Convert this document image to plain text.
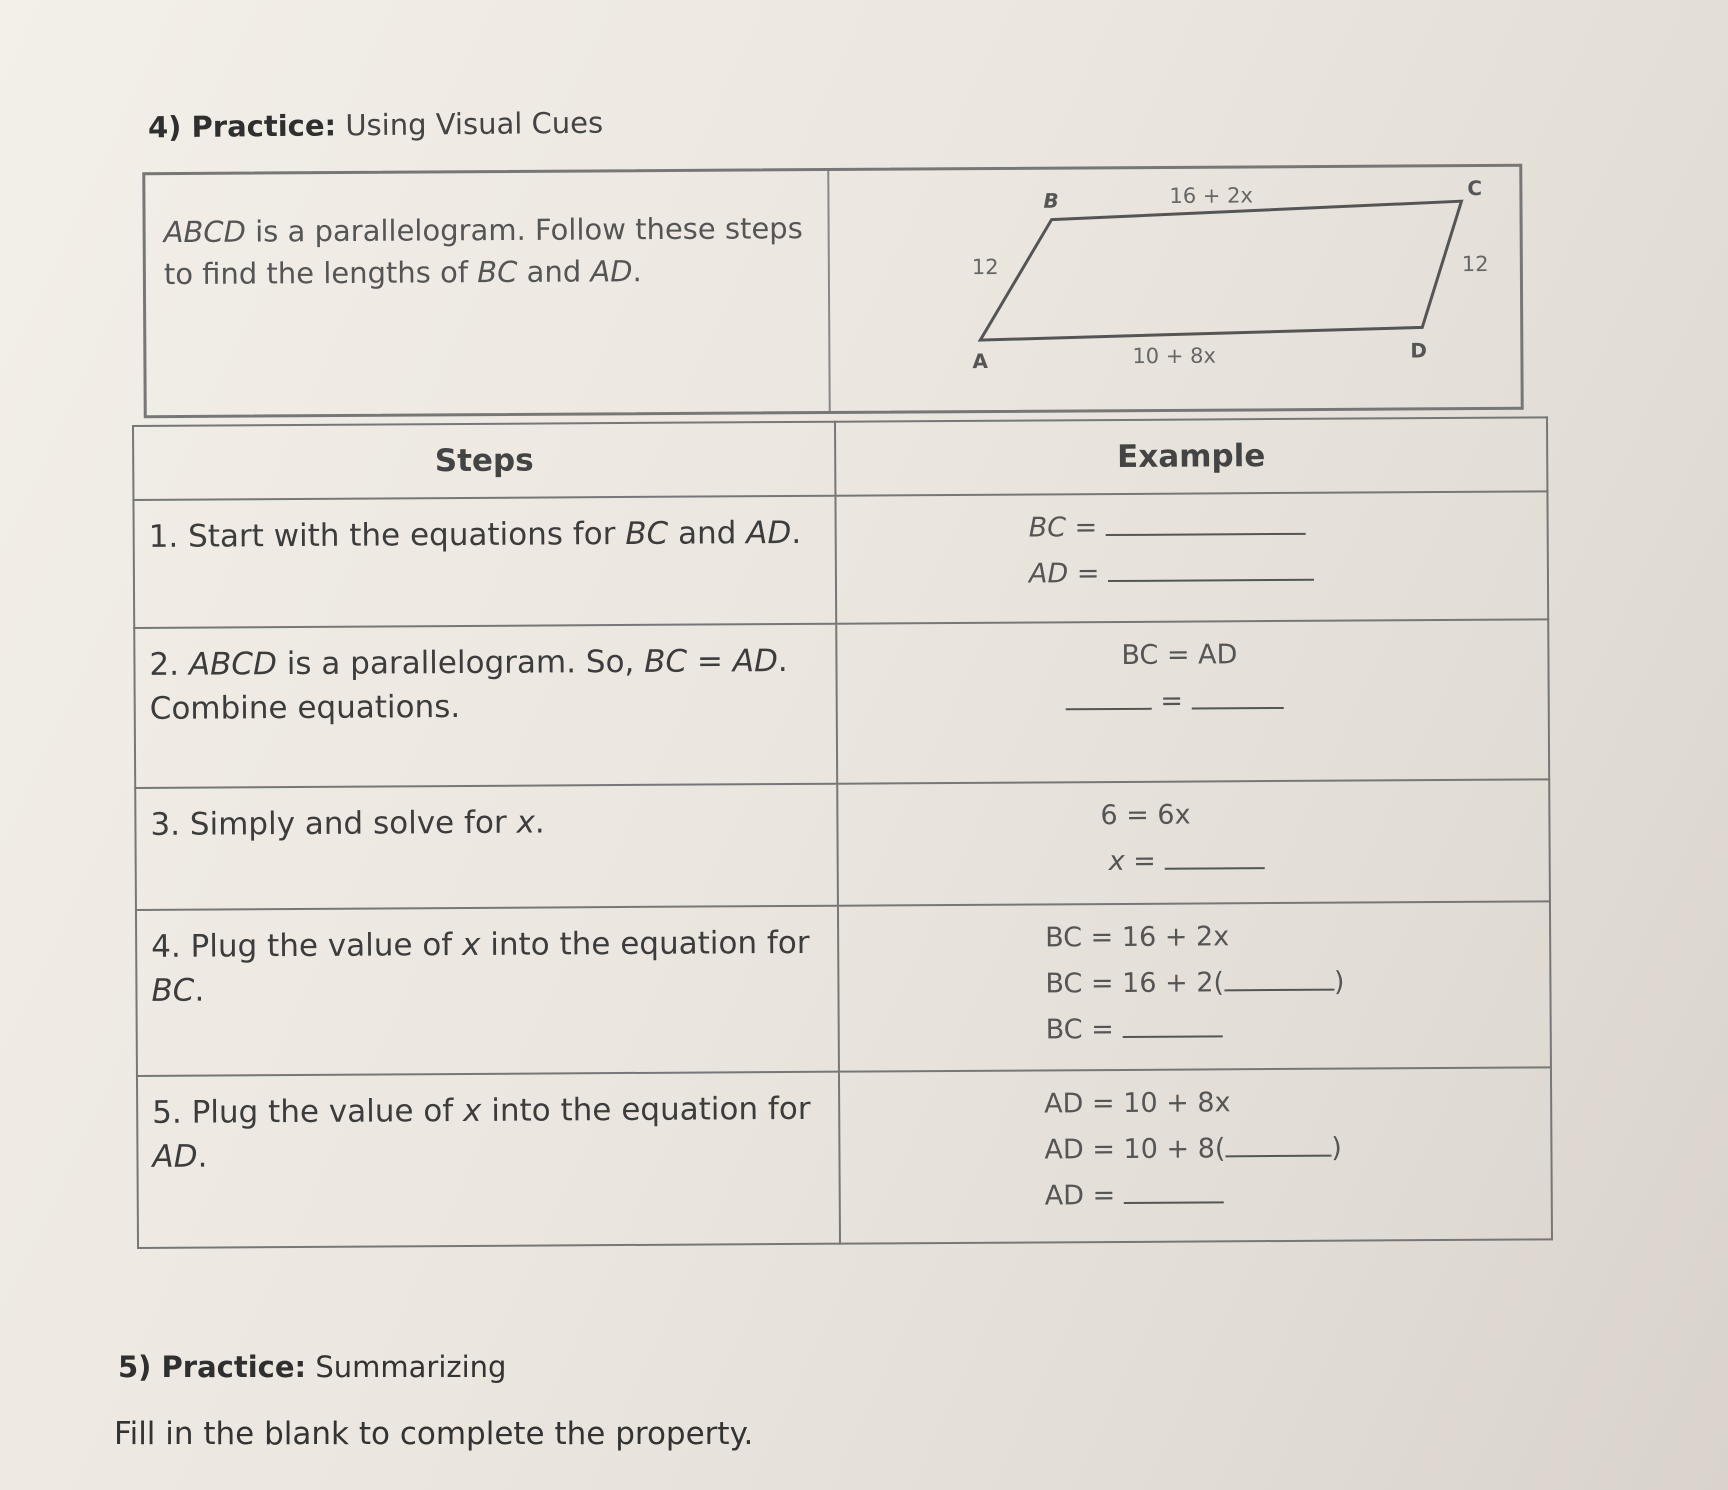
4) Practice: Using Visual Cues
ABCD is a parallelogram. Follow these steps to find the lengths of BC and AD.
B
C
A	D
16 + 2x
10 + 8x
12	12
Steps	Example
1. Start with the equations for BC and AD.	BC =
AD =

2. ABCD is a parallelogram. So, BC = AD.
Combine equations.	BC = AD
=

3. Simply and solve for x.	6 = 6x
x =

4. Plug the value of x into the equation for BC.	BC = 16 + 2x
BC = 16 + 2( )
BC =

5. Plug the value of x into the equation for AD.	AD = 10 + 8x
AD = 10 + 8( )
AD =
5) Practice: Summarizing
Fill in the blank to complete the property.
